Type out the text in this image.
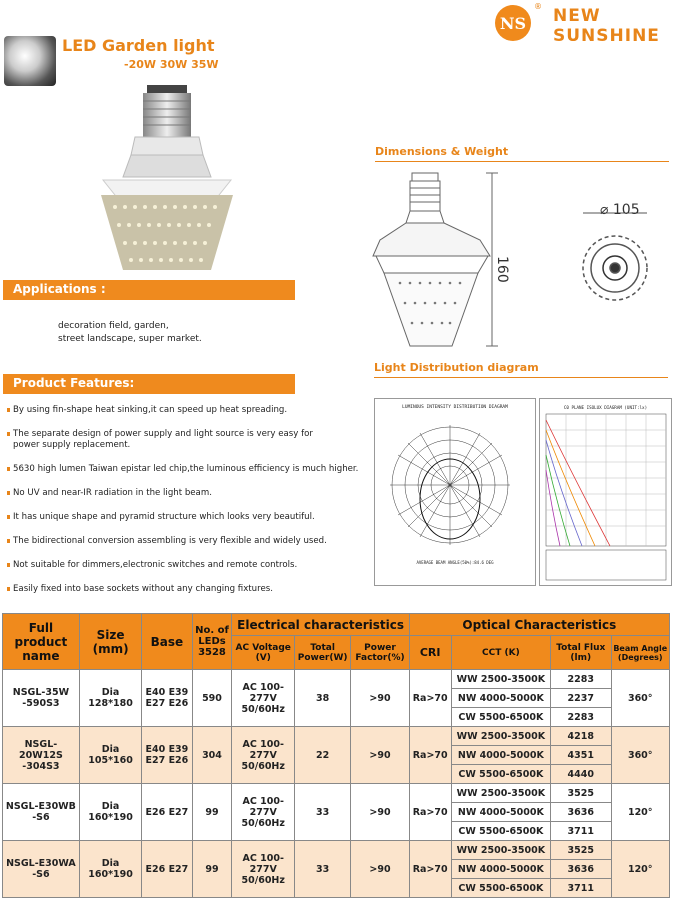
LED Garden light
-20W 30W 35W
NS
® NEW
SUNSHINE
Applications :
decoration field, garden,
street landscape, super market.
Product Features:
By using fin-shape heat sinking,it can speed up heat spreading.
The separate design of power supply and light source is very easy for power supply replacement.
5630 high lumen Taiwan epistar led chip,the luminous efficiency is much higher.
No UV and near-IR radiation in the light beam.
It has unique shape and pyramid structure which looks very beautiful.
The bidirectional conversion assembling is very flexible and widely used.
Not suitable for dimmers,electronic switches and remote controls.
Easily fixed into base sockets without any changing fixtures.
Dimensions & Weight
160
⌀ 105
Light Distribution diagram
LUMINOUS INTENSITY DISTRIBUTION DIAGRAM
AVERAGE BEAM ANGLE(50%):84.6 DEG
C0 PLANE ISOLUX DIAGRAM (UNIT:lx)
Full product name	Size (mm)	Base	No. of LEDs 3528	Electrical characteristics			Optical Characteristics			
				AC Voltage (V)	Total Power(W)	Power Factor(%)	CRI	CCT (K)	Total Flux (lm)	Beam Angle (Degrees)
NSGL-35W -590S3	Dia 128*180	E40 E39 E27 E26	590	AC 100-277V 50/60Hz	38	>90	Ra>70	WW 2500-3500K	2283	360°
								NW 4000-5000K	2237	
								CW 5500-6500K	2283	
NSGL-20W12S -304S3	Dia 105*160	E40 E39 E27 E26	304	AC 100-277V 50/60Hz	22	>90	Ra>70	WW 2500-3500K	4218	360°
								NW 4000-5000K	4351	
								CW 5500-6500K	4440	
NSGL-E30WB -S6	Dia 160*190	E26 E27	99	AC 100-277V 50/60Hz	33	>90	Ra>70	WW 2500-3500K	3525	120°
								NW 4000-5000K	3636	
								CW 5500-6500K	3711	
NSGL-E30WA -S6	Dia 160*190	E26 E27	99	AC 100-277V 50/60Hz	33	>90	Ra>70	WW 2500-3500K	3525	120°
								NW 4000-5000K	3636	
								CW 5500-6500K	3711	
